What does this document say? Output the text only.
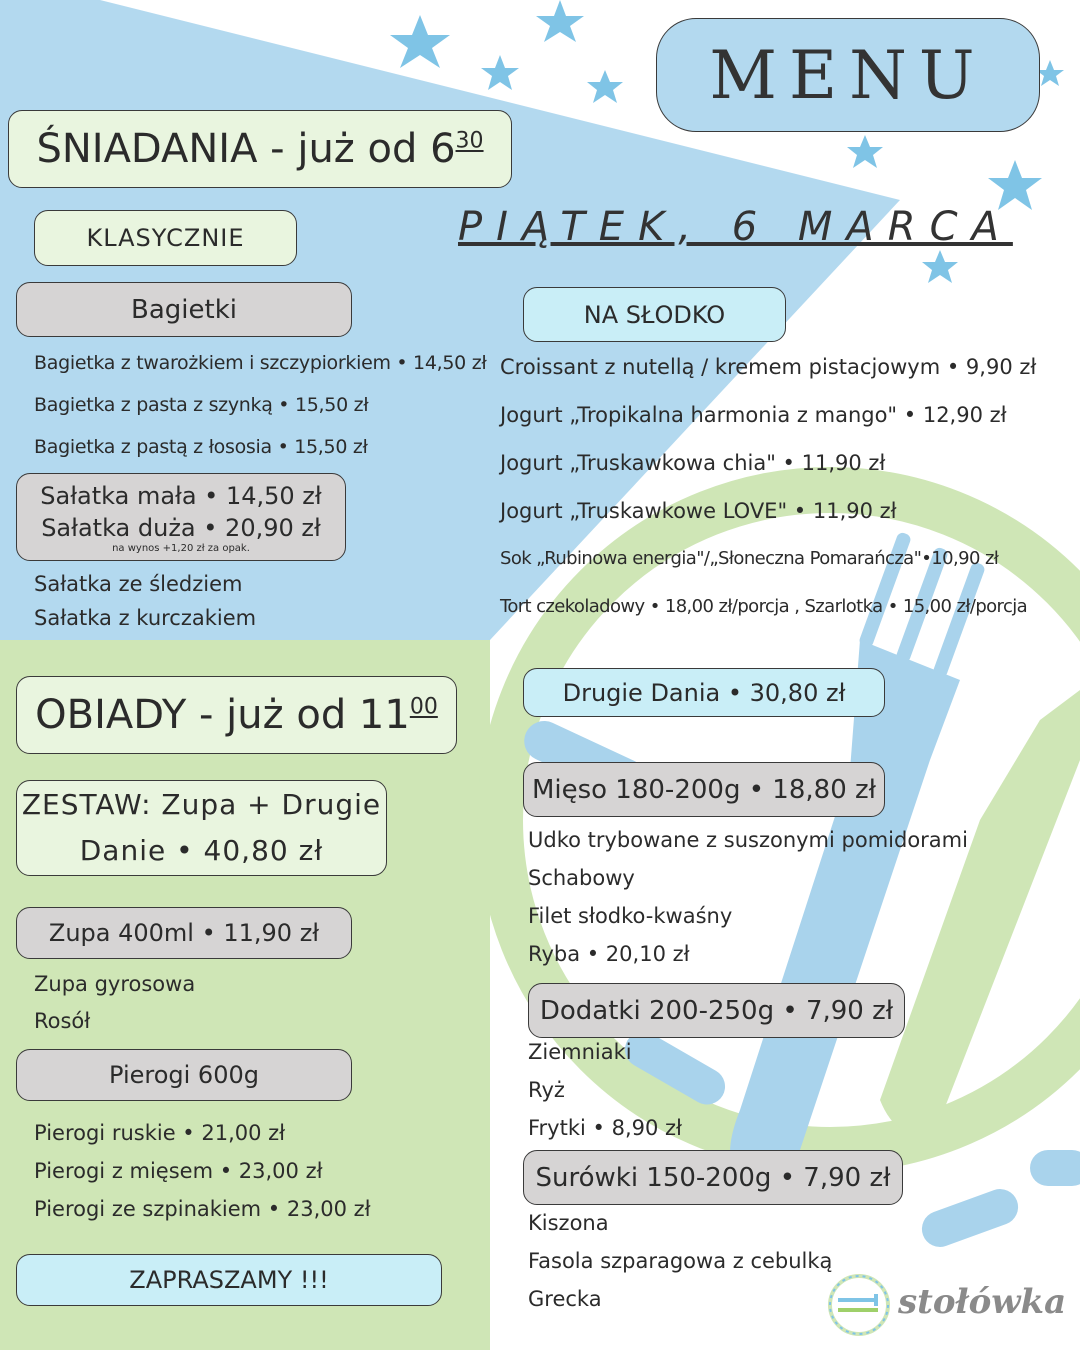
MENU
PIĄTEK, 6 MARCA
ŚNIADANIA - już od $6^{30}$
KLASYCZNIE
Bagietki
Bagietka z twarożkiem i szczypiorkiem • 14,50 zł
Bagietka z pasta z szynką • 15,50 zł
Bagietka z pastą z łososia • 15,50 zł
Sałatka mała • 14,50 zł
Sałatka duża • 20,90 zł
na wynos +1,20 zł za opak.
Sałatka ze śledziem
Sałatka z kurczakiem
NA SŁODKO
Croissant z nutellą / kremem pistacjowym • 9,90 zł
Jogurt „Tropikalna harmonia z mango" • 12,90 zł
Jogurt „Truskawkowa chia" • 11,90 zł
Jogurt „Truskawkowe LOVE" • 11,90 zł
Sok „Rubinowa energia"/„Słoneczna Pomarańcza"•10,90 zł
Tort czekoladowy • 18,00 zł/porcja , Szarlotka • 15,00 zł/porcja
OBIADY - już od $11^{00}$
ZESTAW: Zupa + Drugie
Danie • 40,80 zł
Zupa 400ml • 11,90 zł
Zupa gyrosowa
Rosół
Pierogi 600g
Pierogi ruskie • 21,00 zł
Pierogi z mięsem • 23,00 zł
Pierogi ze szpinakiem • 23,00 zł
ZAPRASZAMY !!!
Drugie Dania • 30,80 zł
Mięso 180-200g • 18,80 zł
Udko trybowane z suszonymi pomidorami
Schabowy
Filet słodko-kwaśny
Ryba • 20,10 zł
Dodatki 200-250g • 7,90 zł
Ziemniaki
Ryż
Frytki • 8,90 zł
Surówki 150-200g • 7,90 zł
Kiszona
Fasola szparagowa z cebulką
Grecka	stołówka
